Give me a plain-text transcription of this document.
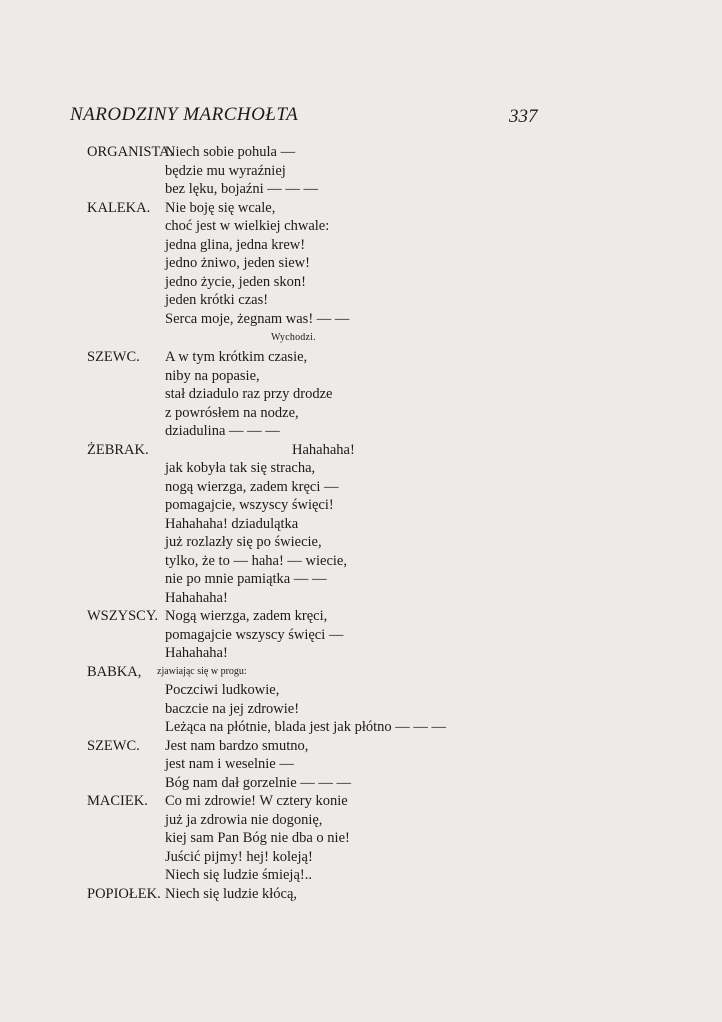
NARODZINY MARCHOŁTA	337
ORGANISTA.
Niech sobie pohula —
będzie mu wyraźniej
bez lęku, bojaźni — — —
KALEKA. Nie boję się wcale,
choć jest w wielkiej chwale:
jedna glina, jedna krew!
jedno żniwo, jeden siew!
jedno życie, jeden skon!
jeden krótki czas!
Serca moje, żegnam was! — —
Wychodzi.
SZEWC. A w tym krótkim czasie,
niby na popasie,
stał dziadulo raz przy drodze
z powrósłem na nodze,
dziadulina — — —
ŻEBRAK.	Hahahaha!
jak kobyła tak się stracha,
nogą wierzga, zadem kręci —
pomagajcie, wszyscy święci!
Hahahaha! dziadulątka
już rozlazły się po świecie,
tylko, że to — haha! — wiecie,
nie po mnie pamiątka — —
Hahahaha!
WSZYSCY. Nogą wierzga, zadem kręci,
pomagajcie wszyscy święci —
Hahahaha!
BABKA, zjawiając się w progu:
Poczciwi ludkowie,
baczcie na jej zdrowie!
Leżąca na płótnie, blada jest jak płótno — — —
SZEWC. Jest nam bardzo smutno,
jest nam i weselnie —
Bóg nam dał gorzelnie — — —
MACIEK. Co mi zdrowie! W cztery konie
już ja zdrowia nie dogonię,
kiej sam Pan Bóg nie dba o nie!
Juścić pijmy! hej! koleją!
Niech się ludzie śmieją!..
POPIOŁEK. Niech się ludzie kłócą,
